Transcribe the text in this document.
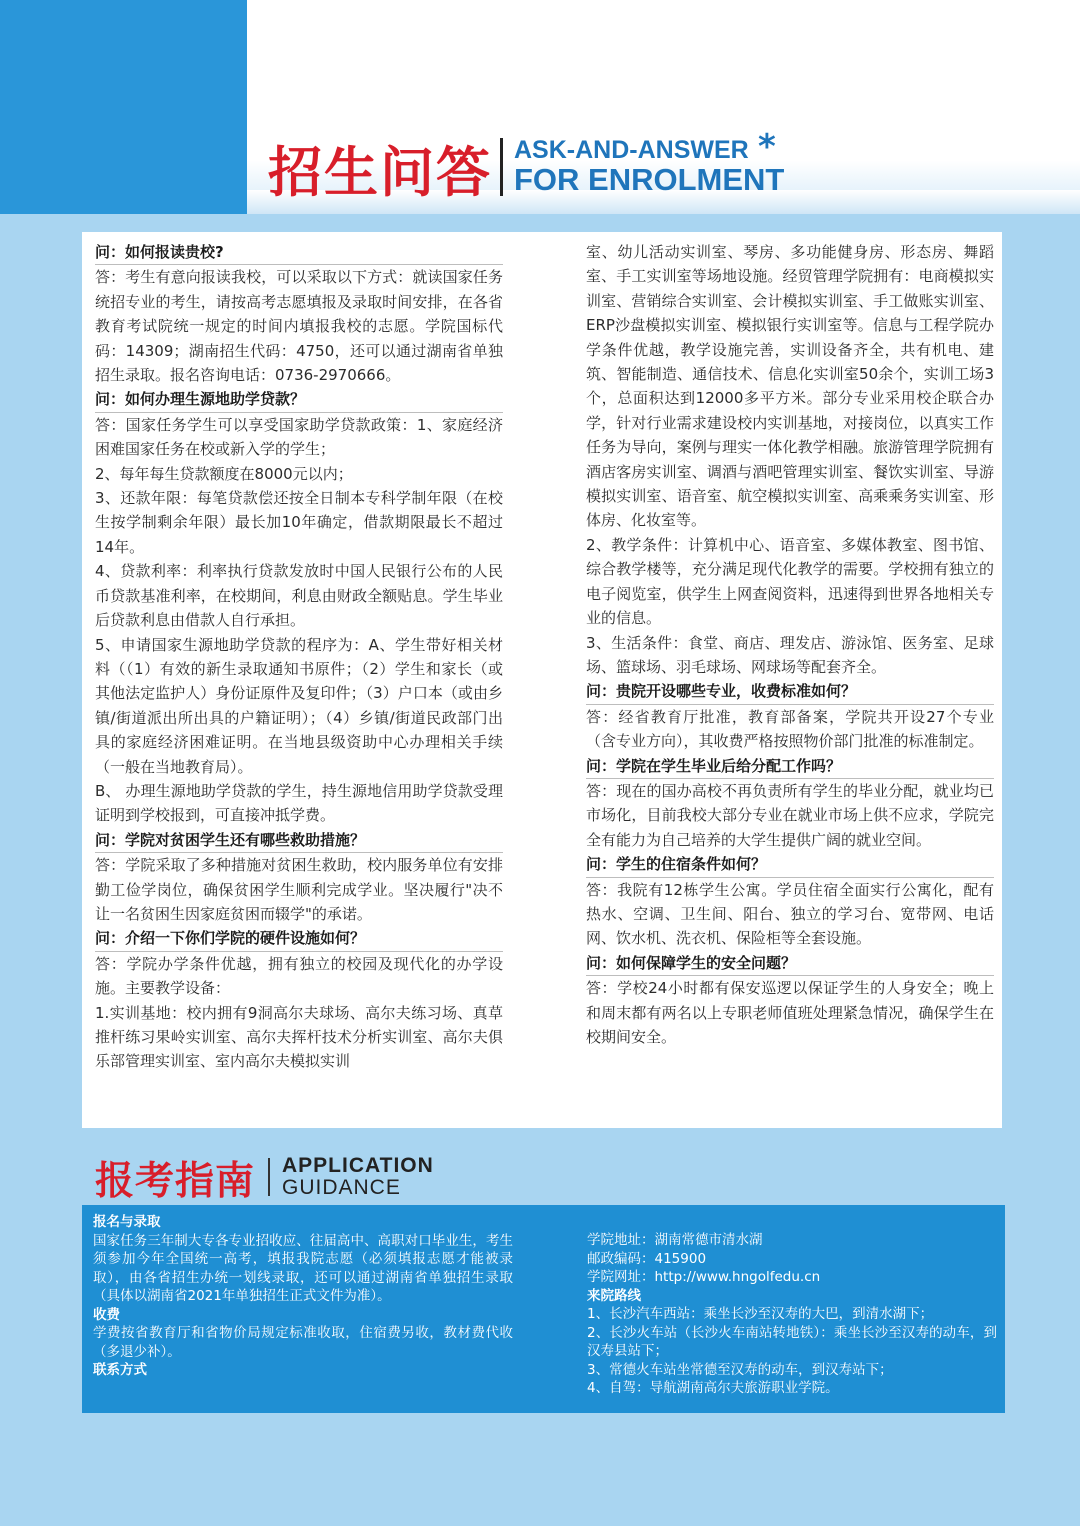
招生问答 ASK-AND-ANSWER
FOR ENROLMENT
*

问：如何报读贵校?

答：考生有意向报读我校，可以采取以下方式：就读国家任务统招专业的考生，请按高考志愿填报及录取时间安排，在各省教育考试院统一规定的时间内填报我校的志愿。学院国标代码：14309；湖南招生代码：4750，还可以通过湖南省单独招生录取。报名咨询电话：0736-2970666。

问：如何办理生源地助学贷款？

答：国家任务学生可以享受国家助学贷款政策：1、家庭经济困难国家任务在校或新入学的学生；

2、每年每生贷款额度在8000元以内；

3、还款年限：每笔贷款偿还按全日制本专科学制年限（在校生按学制剩余年限）最长加10年确定，借款期限最长不超过14年。

4、贷款利率：利率执行贷款发放时中国人民银行公布的人民币贷款基准利率，在校期间，利息由财政全额贴息。学生毕业后贷款利息由借款人自行承担。

5、申请国家生源地助学贷款的程序为：A、学生带好相关材料（（1）有效的新生录取通知书原件；（2）学生和家长（或其他法定监护人）身份证原件及复印件；（3）户口本（或由乡镇/街道派出所出具的户籍证明）；（4）乡镇/街道民政部门出具的家庭经济困难证明。在当地县级资助中心办理相关手续（一般在当地教育局）。

B、 办理生源地助学贷款的学生，持生源地信用助学贷款受理证明到学校报到，可直接冲抵学费。

问：学院对贫困学生还有哪些救助措施？

答：学院采取了多种措施对贫困生救助，校内服务单位有安排勤工俭学岗位，确保贫困学生顺利完成学业。坚决履行"决不让一名贫困生因家庭贫困而辍学"的承诺。

问：介绍一下你们学院的硬件设施如何？

答：学院办学条件优越，拥有独立的校园及现代化的办学设施。主要教学设备：

1.实训基地：校内拥有9洞高尔夫球场、高尔夫练习场、真草推杆练习果岭实训室、高尔夫挥杆技术分析实训室、高尔夫俱乐部管理实训室、室内高尔夫模拟实训

室、幼儿活动实训室、琴房、多功能健身房、形态房、舞蹈室、手工实训室等场地设施。经贸管理学院拥有：电商模拟实训室、营销综合实训室、会计模拟实训室、手工做账实训室、ERP沙盘模拟实训室、模拟银行实训室等。信息与工程学院办学条件优越，教学设施完善，实训设备齐全，共有机电、建筑、智能制造、通信技术、信息化实训室50余个，实训工场3个，总面积达到12000多平方米。部分专业采用校企联合办学，针对行业需求建设校内实训基地，对接岗位，以真实工作任务为导向，案例与理实一体化教学相融。旅游管理学院拥有酒店客房实训室、调酒与酒吧管理实训室、餐饮实训室、导游模拟实训室、语音室、航空模拟实训室、高乘乘务实训室、形体房、化妆室等。

2、教学条件：计算机中心、语音室、多媒体教室、图书馆、综合教学楼等，充分满足现代化教学的需要。学校拥有独立的电子阅览室，供学生上网查阅资料，迅速得到世界各地相关专业的信息。

3、生活条件：食堂、商店、理发店、游泳馆、医务室、足球场、篮球场、羽毛球场、网球场等配套齐全。

问：贵院开设哪些专业，收费标准如何？

答：经省教育厅批准，教育部备案，学院共开设27个专业（含专业方向），其收费严格按照物价部门批准的标准制定。

问：学院在学生毕业后给分配工作吗？

答：现在的国办高校不再负责所有学生的毕业分配，就业均已市场化，目前我校大部分专业在就业市场上供不应求，学院完全有能力为自己培养的大学生提供广阔的就业空间。

问：学生的住宿条件如何？

答：我院有12栋学生公寓。学员住宿全面实行公寓化，配有热水、空调、卫生间、阳台、独立的学习台、宽带网、电话网、饮水机、洗衣机、保险柜等全套设施。

问：如何保障学生的安全问题？

答：学校24小时都有保安巡逻以保证学生的人身安全；晚上和周末都有两名以上专职老师值班处理紧急情况，确保学生在校期间安全。

报考指南 APPLICATION
GUIDANCE

报名与录取

国家任务三年制大专各专业招收应、往届高中、高职对口毕业生，考生须参加今年全国统一高考，填报我院志愿（必须填报志愿才能被录取），由各省招生办统一划线录取，还可以通过湖南省单独招生录取（具体以湖南省2021年单独招生正式文件为准）。

收费

学费按省教育厅和省物价局规定标准收取，住宿费另收，教材费代收（多退少补）。

联系方式

学院地址：湖南常德市清水湖

邮政编码：415900

学院网址：http://www.hngolfedu.cn

来院路线

1、长沙汽车西站：乘坐长沙至汉寿的大巴，到清水湖下；

2、长沙火车站（长沙火车南站转地铁）：乘坐长沙至汉寿的动车，到汉寿县站下；

3、常德火车站坐常德至汉寿的动车，到汉寿站下；

4、自驾：导航湖南高尔夫旅游职业学院。
